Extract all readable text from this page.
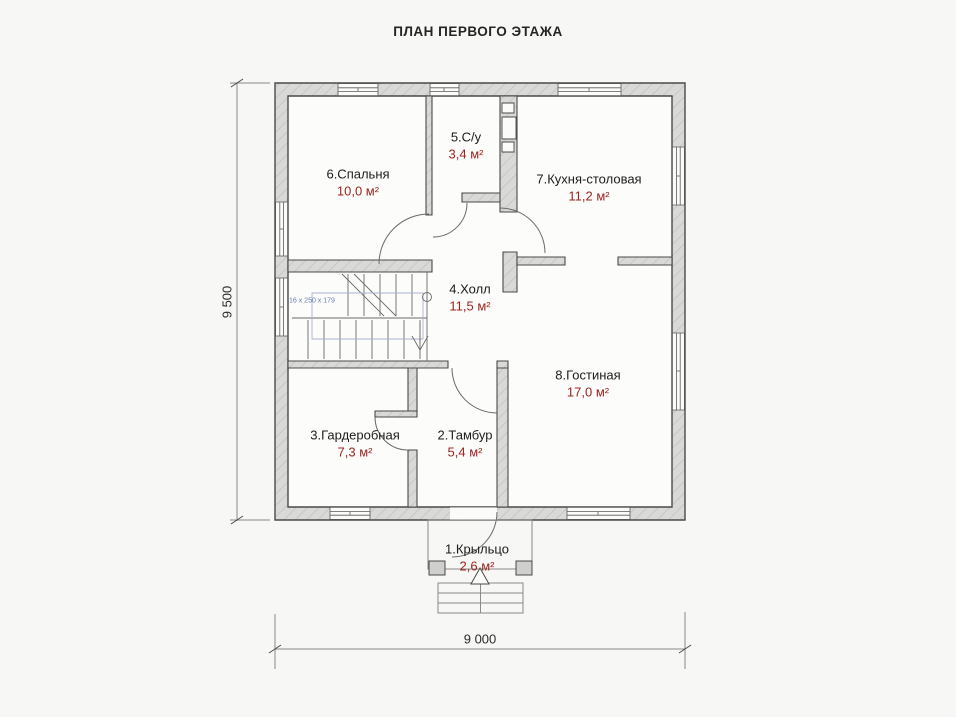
ПЛАН ПЕРВОГО ЭТАЖА
6.Спальня
10,0 м²
5.С/у
3,4 м²
7.Кухня-столовая
11,2 м²
4.Холл
11,5 м²
8.Гостиная
17,0 м²
3.Гардеробная
7,3 м²
2.Тамбур
5,4 м²
1.Крыльцо
2,6 м²
9 500
9 000
16 х 250 х 179
